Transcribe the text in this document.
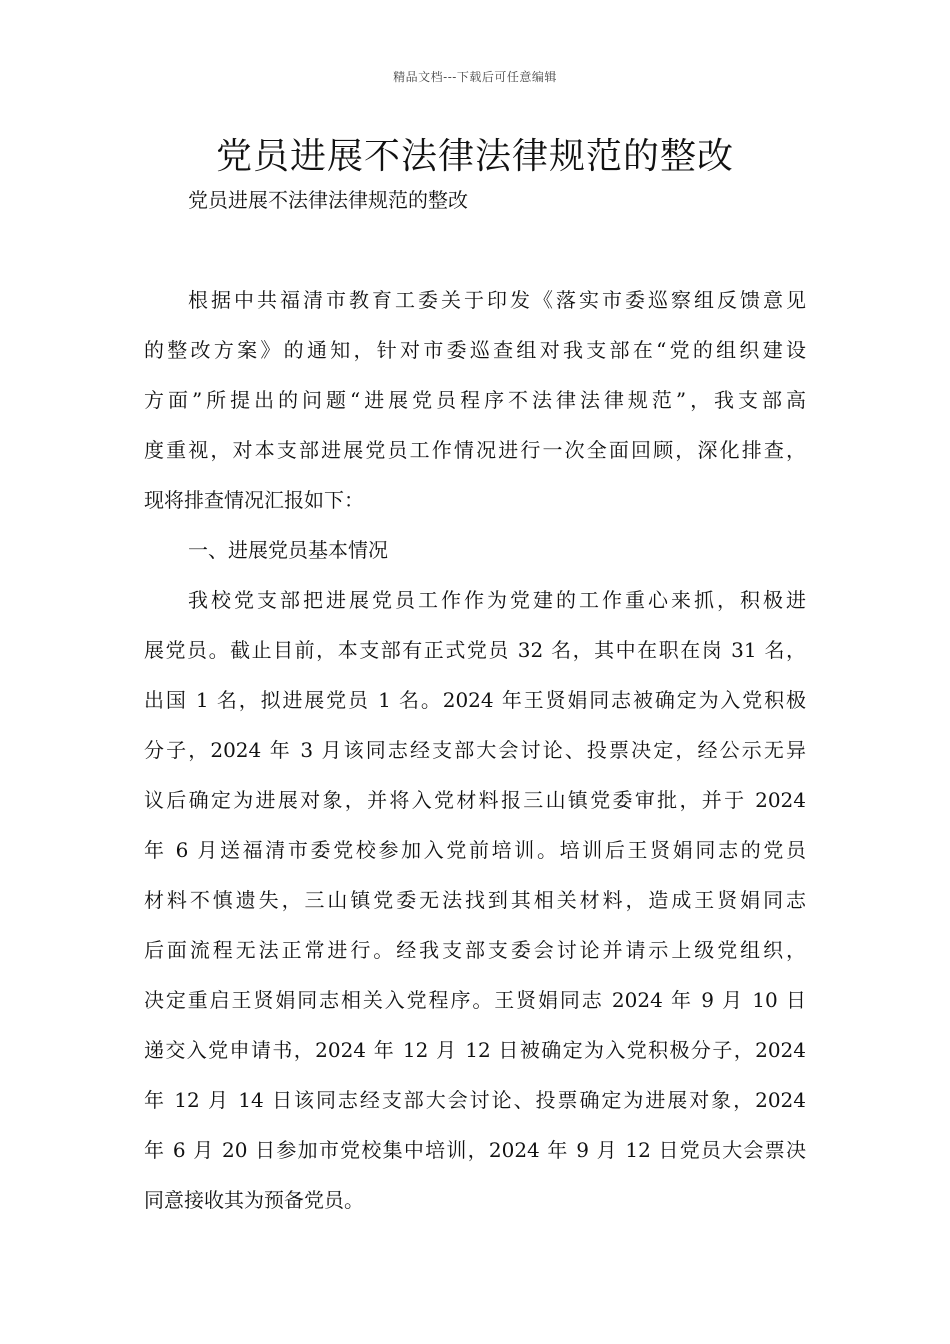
精品文档---下载后可任意编辑
党员进展不法律法律规范的整改

党员进展不法律法律规范的整改

根据中共福清市教育工委关于印发《落实市委巡察组反馈意见

的整改方案》的通知，针对市委巡查组对我支部在“党的组织建设

方面”所提出的问题“进展党员程序不法律法律规范”，我支部高

度重视，对本支部进展党员工作情况进行一次全面回顾，深化排查，

现将排查情况汇报如下：

一、进展党员基本情况

我校党支部把进展党员工作作为党建的工作重心来抓，积极进

展党员。截止目前，本支部有正式党员 32 名，其中在职在岗 31 名，

出国 1 名，拟进展党员 1 名。2024 年王贤娟同志被确定为入党积极

分子，2024 年 3 月该同志经支部大会讨论、投票决定，经公示无异

议后确定为进展对象，并将入党材料报三山镇党委审批，并于 2024

年 6 月送福清市委党校参加入党前培训。培训后王贤娟同志的党员

材料不慎遗失，三山镇党委无法找到其相关材料，造成王贤娟同志

后面流程无法正常进行。经我支部支委会讨论并请示上级党组织，

决定重启王贤娟同志相关入党程序。王贤娟同志 2024 年 9 月 10 日

递交入党申请书，2024 年 12 月 12 日被确定为入党积极分子，2024

年 12 月 14 日该同志经支部大会讨论、投票确定为进展对象，2024

年 6 月 20 日参加市党校集中培训，2024 年 9 月 12 日党员大会票决

同意接收其为预备党员。
